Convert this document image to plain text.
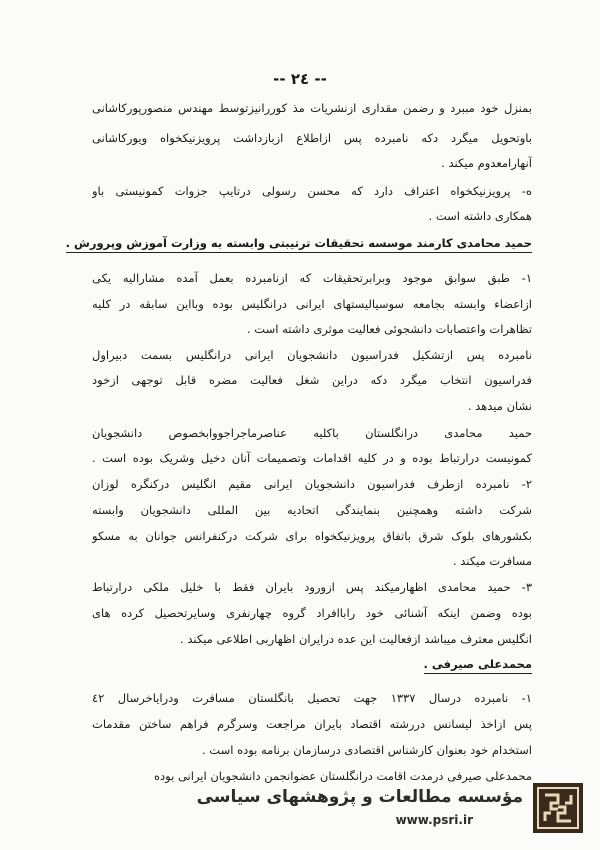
-- ٢٤ --
بمنزل خود مببرد و رضمن مقداری ازنشریات مذ کوررانیزتوسط مهندس منصورپورکاشانی
باوتحویل میگرد دکه نامبرده پس ازاطلاع ازبازداشت پرویزنیکخواه ویورکاشانی
آنهارامعدوم میکند .
ه- پرویزنیکخواه اعتراف دارد که محسن رسولی درتایپ جزوات کمونیستی باو
همکاری داشته است .
١- طبق سوابق موجود وبرابرتحقیقات که ازنامبرده بعمل آمده مشارالیه یکی
ازاعضاء وابسته بجامعه سوسیالیستهای ایرانی درانگلیس بوده وبااین سابقه در کلیه
تظاهرات واعتصابات دانشجوئی فعالیت موثری داشته است .
نامبرده پس ازتشکیل فدراسیون دانشجویان ایرانی درانگلیس بسمت دبیراول
فدراسیون انتخاب میگرد دکه دراین شغل فعالیت مضره قابل توجهی ازخود
نشان میدهد .
حمید محامدی درانگلستان باکلیه عناصرماجراجووابخصوص دانشجویان
کمونیست درارتباط بوده و در کلیه اقدامات وتصمیمات آنان دخیل وشریک بوده است .
٢- نامبرده ازطرف فدراسیون دانشجویان ایرانی مقیم انگلیس درکنگره لوزان
شرکت داشته وهمچنین بنمایندگی اتحادیه بین المللی دانشجویان وابسته
بکشورهای بلوک شرق باتفاق پرویزنیکخواه برای شرکت درکنفرانس جوانان به مسکو
مسافرت میکند .
٣- حمید محامدی اظهارمیکند پس ازورود بایران فقط با خلیل ملکی درارتباط
بوده وضمن اینکه آشنائی خود راباافراد گروه چهارنفری وسایرتحصیل کرده های
انگلیس معترف میباشد ازفعالیت این عده درایران اظهاربی اطلاعی میکند .
١- نامبرده درسال ١٣٣٧ جهت تحصیل بانگلستان مسافرت ودرایاخرسال ٤٢
پس ازاخذ لیسانس دررشته اقتصاد بایران مراجعت وسرگرم فراهم ساختن مقدمات
استخدام خود بعنوان کارشناس اقتصادی درسازمان برنامه بوده است .
محمدعلی صیرفی درمدت اقامت درانگلستان عضوانجمن دانشجویان ایرانی بوده
حمید محامدی کارمند موسسه تحقیقات ترتیبتی وابسته به وزارت آموزش وپرورش .
محمدعلی صیرفی .
مؤسسه مطالعات و پژوهشهای سیاسی
www.psri.ir
